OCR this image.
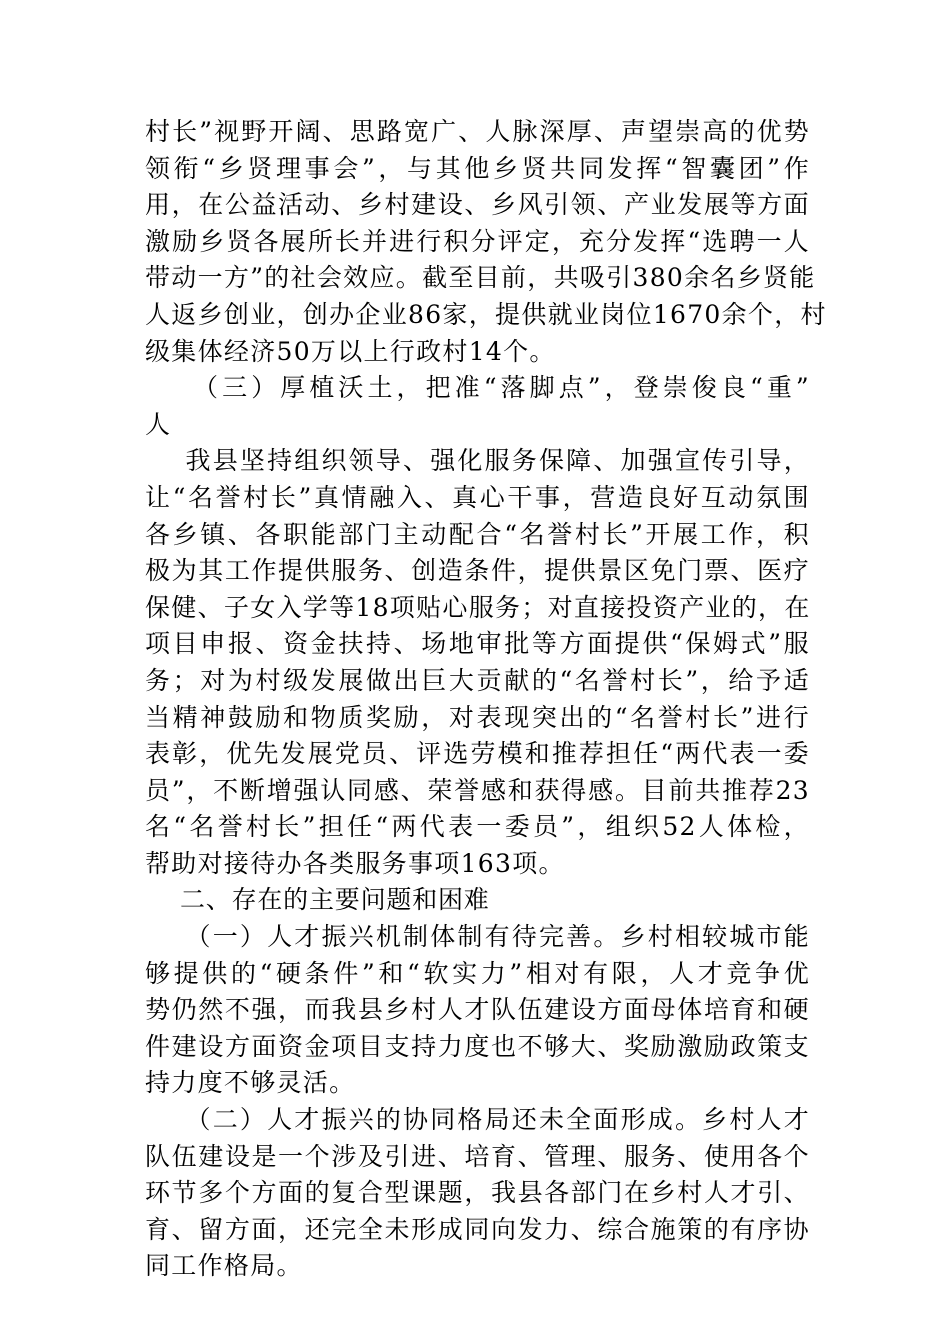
村长”视野开阔、思路宽广、人脉深厚、声望崇高的优势
领衔“乡贤理事会”，与其他乡贤共同发挥“智囊团”作
用，在公益活动、乡村建设、乡风引领、产业发展等方面
激励乡贤各展所长并进行积分评定，充分发挥“选聘一人
带动一方”的社会效应。截至目前，共吸引380余名乡贤能
人返乡创业，创办企业86家，提供就业岗位1670余个，村
级集体经济50万以上行政村14个。
（三）厚植沃土，把准“落脚点”，登崇俊良“重”
人
我县坚持组织领导、强化服务保障、加强宣传引导，
让“名誉村长”真情融入、真心干事，营造良好互动氛围
各乡镇、各职能部门主动配合“名誉村长”开展工作，积
极为其工作提供服务、创造条件，提供景区免门票、医疗
保健、子女入学等18项贴心服务；对直接投资产业的，在
项目申报、资金扶持、场地审批等方面提供“保姆式”服
务；对为村级发展做出巨大贡献的“名誉村长”，给予适
当精神鼓励和物质奖励，对表现突出的“名誉村长”进行
表彰，优先发展党员、评选劳模和推荐担任“两代表一委
员”，不断增强认同感、荣誉感和获得感。目前共推荐23
名“名誉村长”担任“两代表一委员”，组织52人体检，
帮助对接待办各类服务事项163项。
二、存在的主要问题和困难
（一）人才振兴机制体制有待完善。乡村相较城市能
够提供的“硬条件”和“软实力”相对有限，人才竞争优
势仍然不强，而我县乡村人才队伍建设方面母体培育和硬
件建设方面资金项目支持力度也不够大、奖励激励政策支
持力度不够灵活。
（二）人才振兴的协同格局还未全面形成。乡村人才
队伍建设是一个涉及引进、培育、管理、服务、使用各个
环节多个方面的复合型课题，我县各部门在乡村人才引、
育、留方面，还完全未形成同向发力、综合施策的有序协
同工作格局。
